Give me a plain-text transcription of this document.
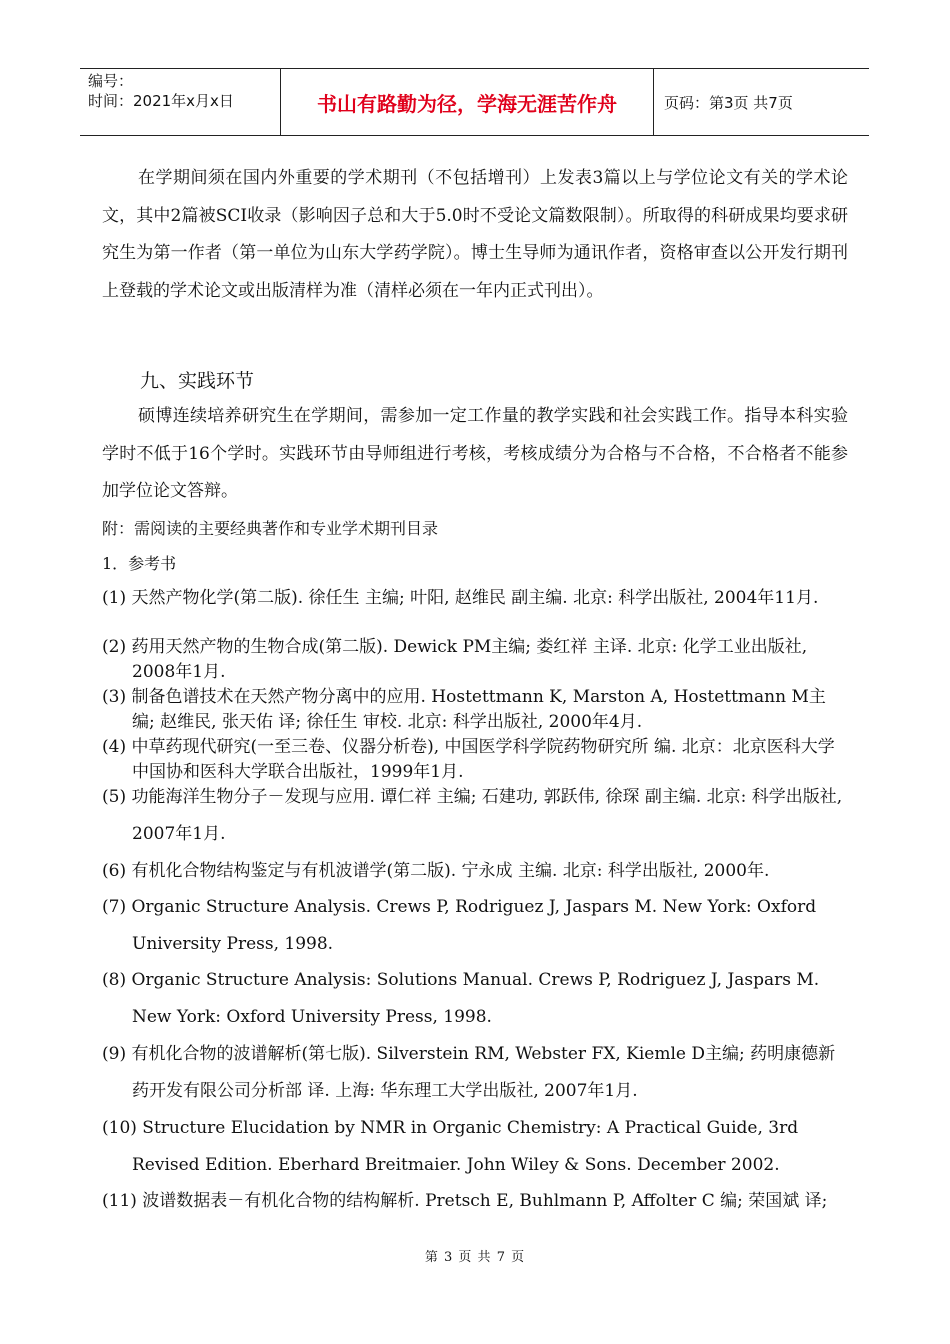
编号：
时间：2021年x月x日	书山有路勤为径，学海无涯苦作舟	页码：第3页 共7页
在学期间须在国内外重要的学术期刊（不包括增刊）上发表3篇以上与学位论文有关的学术论文，其中2篇被SCI收录（影响因子总和大于5.0时不受论文篇数限制）。所取得的科研成果均要求研究生为第一作者（第一单位为山东大学药学院）。博士生导师为通讯作者，资格审查以公开发行期刊上登载的学术论文或出版清样为准（清样必须在一年内正式刊出）。
九、实践环节
硕博连续培养研究生在学期间，需参加一定工作量的教学实践和社会实践工作。指导本科实验学时不低于16个学时。实践环节由导师组进行考核，考核成绩分为合格与不合格，不合格者不能参加学位论文答辩。
附：需阅读的主要经典著作和专业学术期刊目录
1．参考书
(1) 天然产物化学(第二版). 徐任生 主编; 叶阳, 赵维民 副主编. 北京: 科学出版社, 2004年11月.
(2) 药用天然产物的生物合成(第二版). Dewick PM主编; 娄红祥 主译. 北京: 化学工业出版社, 2008年1月.
(3) 制备色谱技术在天然产物分离中的应用. Hostettmann K, Marston A, Hostettmann M主编; 赵维民, 张天佑 译; 徐任生 审校. 北京: 科学出版社, 2000年4月.
(4) 中草药现代研究(一至三卷、仪器分析卷), 中国医学科学院药物研究所 编. 北京：北京医科大学中国协和医科大学联合出版社，1999年1月.
(5) 功能海洋生物分子－发现与应用. 谭仁祥 主编; 石建功, 郭跃伟, 徐琛 副主编. 北京: 科学出版社, 2007年1月.
(6) 有机化合物结构鉴定与有机波谱学(第二版). 宁永成 主编. 北京: 科学出版社, 2000年.
(7) Organic Structure Analysis. Crews P, Rodriguez J, Jaspars M. New York: Oxford University Press, 1998.
(8) Organic Structure Analysis: Solutions Manual. Crews P, Rodriguez J, Jaspars M. New York: Oxford University Press, 1998.
(9) 有机化合物的波谱解析(第七版). Silverstein RM, Webster FX, Kiemle D主编; 药明康德新药开发有限公司分析部 译. 上海: 华东理工大学出版社, 2007年1月.
(10) Structure Elucidation by NMR in Organic Chemistry: A Practical Guide, 3rd Revised Edition. Eberhard Breitmaier. John Wiley & Sons. December 2002.
(11) 波谱数据表－有机化合物的结构解析. Pretsch E, Buhlmann P, Affolter C 编; 荣国斌 译;
第 3 页 共 7 页
